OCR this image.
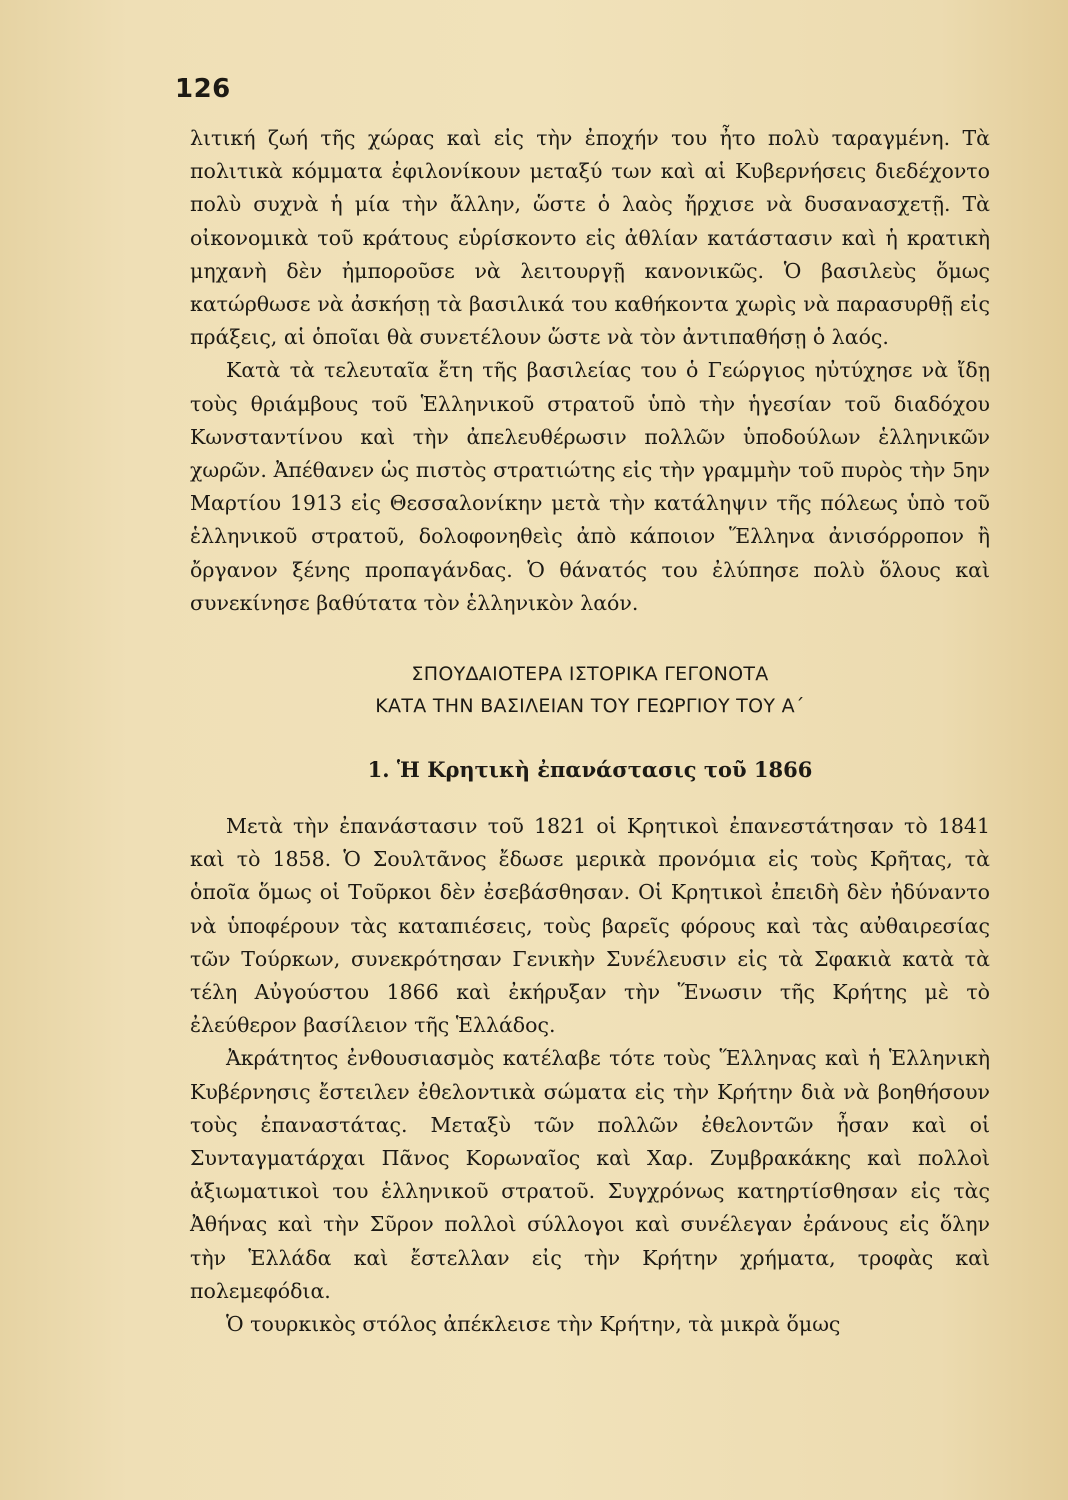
126

λιτική ζωή τῆς χώρας καὶ εἰς τὴν ἐποχήν του ἦτο πολὺ ταραγμένη. Τὰ πολιτικὰ κόμματα ἐφιλονίκουν μεταξύ των καὶ αἱ Κυβερνήσεις διεδέχοντο πολὺ συχνὰ ἡ μία τὴν ἄλλην, ὥστε ὁ λαὸς ἤρχισε νὰ δυσανασχετῇ. Τὰ οἰκονομικὰ τοῦ κράτους εὑρίσκοντο εἰς ἀθλίαν κατάστασιν καὶ ἡ κρατικὴ μηχανὴ δὲν ἠμποροῦσε νὰ λειτουργῇ κανονικῶς. Ὁ βασιλεὺς ὅμως κατώρθωσε νὰ ἀσκήσῃ τὰ βασιλικά του καθήκοντα χωρὶς νὰ παρασυρθῇ εἰς πράξεις, αἱ ὁποῖαι θὰ συνετέλουν ὥστε νὰ τὸν ἀντιπαθήσῃ ὁ λαός.

Κατὰ τὰ τελευταῖα ἔτη τῆς βασιλείας του ὁ Γεώργιος ηὐτύχησε νὰ ἴδῃ τοὺς θριάμβους τοῦ Ἑλληνικοῦ στρατοῦ ὑπὸ τὴν ἡγεσίαν τοῦ διαδόχου Κωνσταντίνου καὶ τὴν ἀπελευθέρωσιν πολλῶν ὑποδούλων ἑλληνικῶν χωρῶν. Ἀπέθανεν ὡς πιστὸς στρατιώτης εἰς τὴν γραμμὴν τοῦ πυρὸς τὴν 5ην Μαρτίου 1913 εἰς Θεσσαλονίκην μετὰ τὴν κατάληψιν τῆς πόλεως ὑπὸ τοῦ ἑλληνικοῦ στρατοῦ, δολοφονηθεὶς ἀπὸ κάποιον Ἕλληνα ἀνισόρροπον ἢ ὄργανον ξένης προπαγάνδας. Ὁ θάνατός του ἐλύπησε πολὺ ὅλους καὶ συνεκίνησε βαθύτατα τὸν ἑλληνικὸν λαόν.

ΣΠΟΥΔΑΙΟΤΕΡΑ ΙΣΤΟΡΙΚΑ ΓΕΓΟΝΟΤΑ

ΚΑΤΑ ΤΗΝ ΒΑΣΙΛΕΙΑΝ ΤΟΥ ΓΕΩΡΓΙΟΥ ΤΟΥ Α΄

1. Ἡ Κρητικὴ ἐπανάστασις τοῦ 1866

Μετὰ τὴν ἐπανάστασιν τοῦ 1821 οἱ Κρητικοὶ ἐπανεστάτησαν τὸ 1841 καὶ τὸ 1858. Ὁ Σουλτᾶνος ἔδωσε μερικὰ προνόμια εἰς τοὺς Κρῆτας, τὰ ὁποῖα ὅμως οἱ Τοῦρκοι δὲν ἐσεβάσθησαν. Οἱ Κρητικοὶ ἐπειδὴ δὲν ἠδύναντο νὰ ὑποφέρουν τὰς καταπιέσεις, τοὺς βαρεῖς φόρους καὶ τὰς αὐθαιρεσίας τῶν Τούρκων, συνεκρότησαν Γενικὴν Συνέλευσιν εἰς τὰ Σφακιὰ κατὰ τὰ τέλη Αὐγούστου 1866 καὶ ἐκήρυξαν τὴν Ἕνωσιν τῆς Κρήτης μὲ τὸ ἐλεύθερον βασίλειον τῆς Ἑλλάδος.

Ἀκράτητος ἐνθουσιασμὸς κατέλαβε τότε τοὺς Ἕλληνας καὶ ἡ Ἑλληνικὴ Κυβέρνησις ἔστειλεν ἐθελοντικὰ σώματα εἰς τὴν Κρήτην διὰ νὰ βοηθήσουν τοὺς ἐπαναστάτας. Μεταξὺ τῶν πολλῶν ἐθελοντῶν ἦσαν καὶ οἱ Συνταγματάρχαι Πᾶνος Κορωναῖος καὶ Χαρ. Ζυμβρακάκης καὶ πολλοὶ ἀξιωματικοὶ του ἑλληνικοῦ στρατοῦ. Συγχρόνως κατηρτίσθησαν εἰς τὰς Ἀθήνας καὶ τὴν Σῦρον πολλοὶ σύλλογοι καὶ συνέλεγαν ἐράνους εἰς ὅλην τὴν Ἑλλάδα καὶ ἔστελλαν εἰς τὴν Κρήτην χρήματα, τροφὰς καὶ πολεμεφόδια.

Ὁ τουρκικὸς στόλος ἀπέκλεισε τὴν Κρήτην, τὰ μικρὰ ὅμως
